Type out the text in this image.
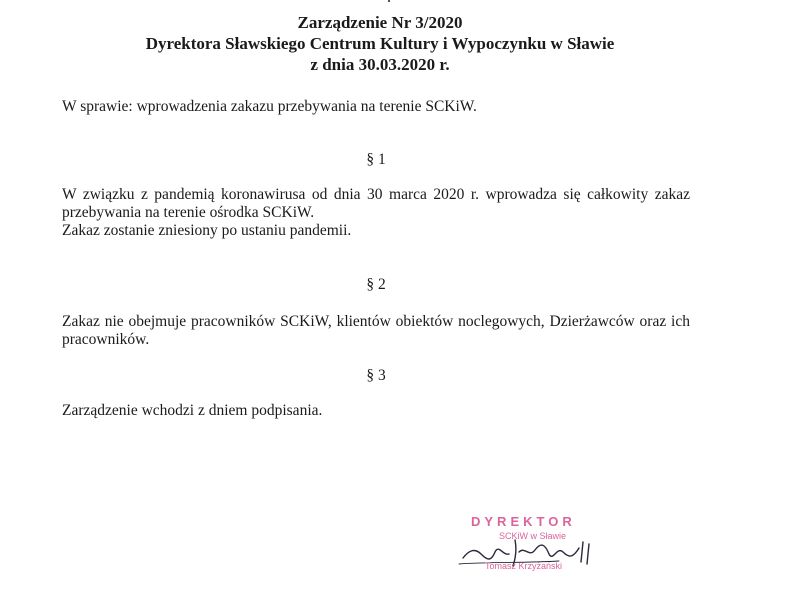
Zarządzenie Nr 3/2020
Dyrektora Sławskiego Centrum Kultury i Wypoczynku w Sławie
z dnia 30.03.2020 r.
W sprawie: wprowadzenia zakazu przebywania na terenie SCKiW.
§ 1
W związku z pandemią koronawirusa od dnia 30 marca 2020 r. wprowadza się całkowity zakaz przebywania na terenie ośrodka SCKiW.
Zakaz zostanie zniesiony po ustaniu pandemii.
§ 2
Zakaz nie obejmuje pracowników SCKiW, klientów obiektów noclegowych, Dzierżawców oraz ich pracowników.
§ 3
Zarządzenie wchodzi z dniem podpisania.
DYREKTOR
SCKiW w Sławie
Tomasz Krzyżański
